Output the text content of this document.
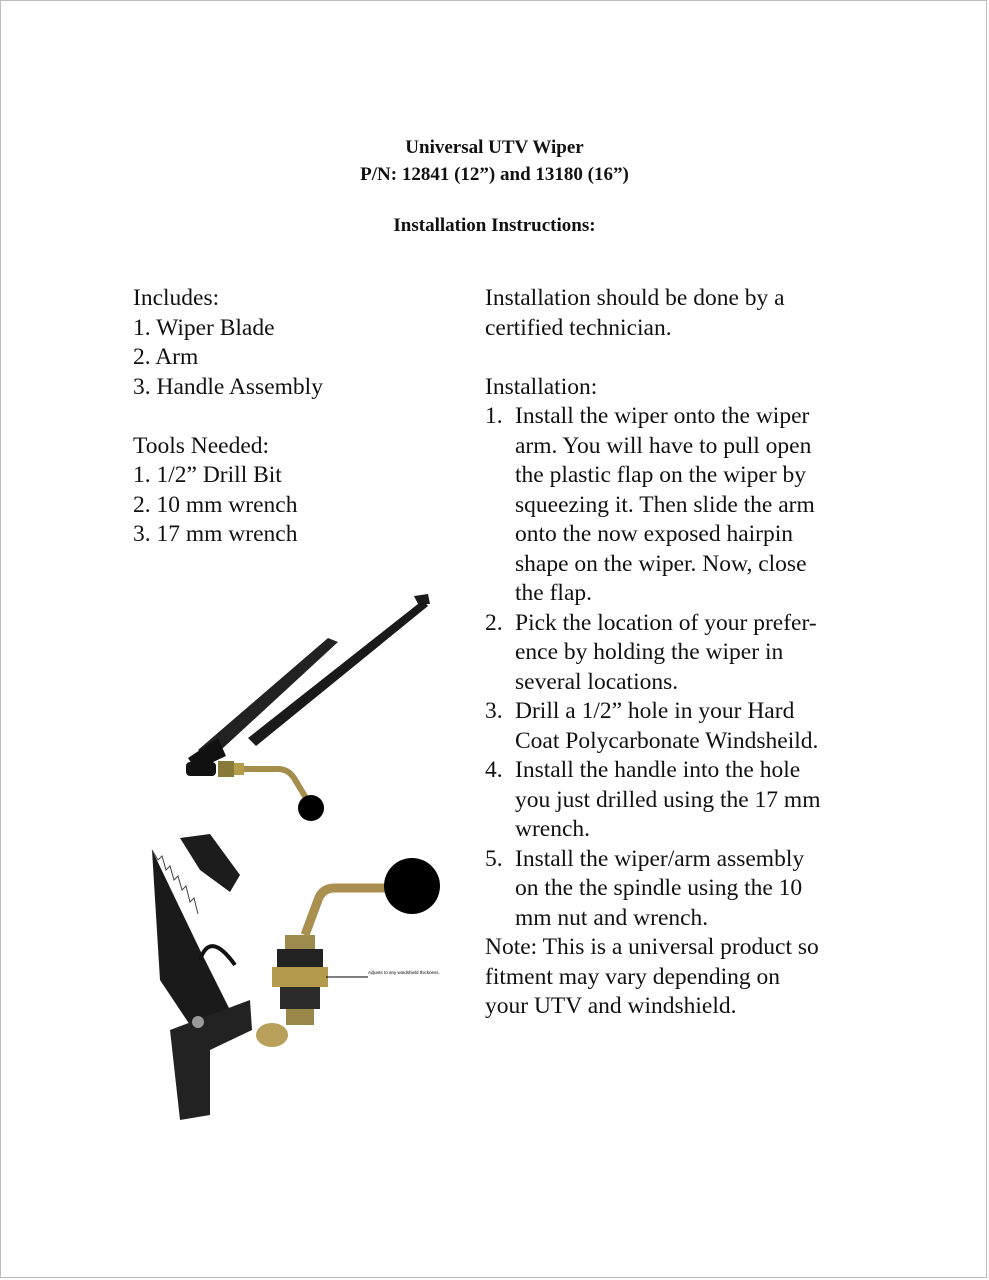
Universal UTV Wiper
P/N: 12841 (12”) and 13180 (16”)
Installation Instructions:
Includes:
1. Wiper Blade
2. Arm
3. Handle Assembly
Tools Needed:
1. 1/2” Drill Bit
2. 10 mm wrench
3. 17 mm wrench
Installation should be done by a
certified technician.
Installation:
1. Install the wiper onto the wiper
arm. You will have to pull open
the plastic flap on the wiper by
squeezing it. Then slide the arm
onto the now exposed hairpin
shape on the wiper. Now, close
the flap.
2. Pick the location of your prefer-
ence by holding the wiper in
several locations.
3. Drill a 1/2” hole in your Hard
Coat Polycarbonate Windsheild.
4. Install the handle into the hole
you just drilled using the 17 mm
wrench.
5. Install the wiper/arm assembly
on the the spindle using the 10
mm nut and wrench.
Note: This is a universal product so
fitment may vary depending on
your UTV and windshield.
Adjusts to any windshield thickness.
